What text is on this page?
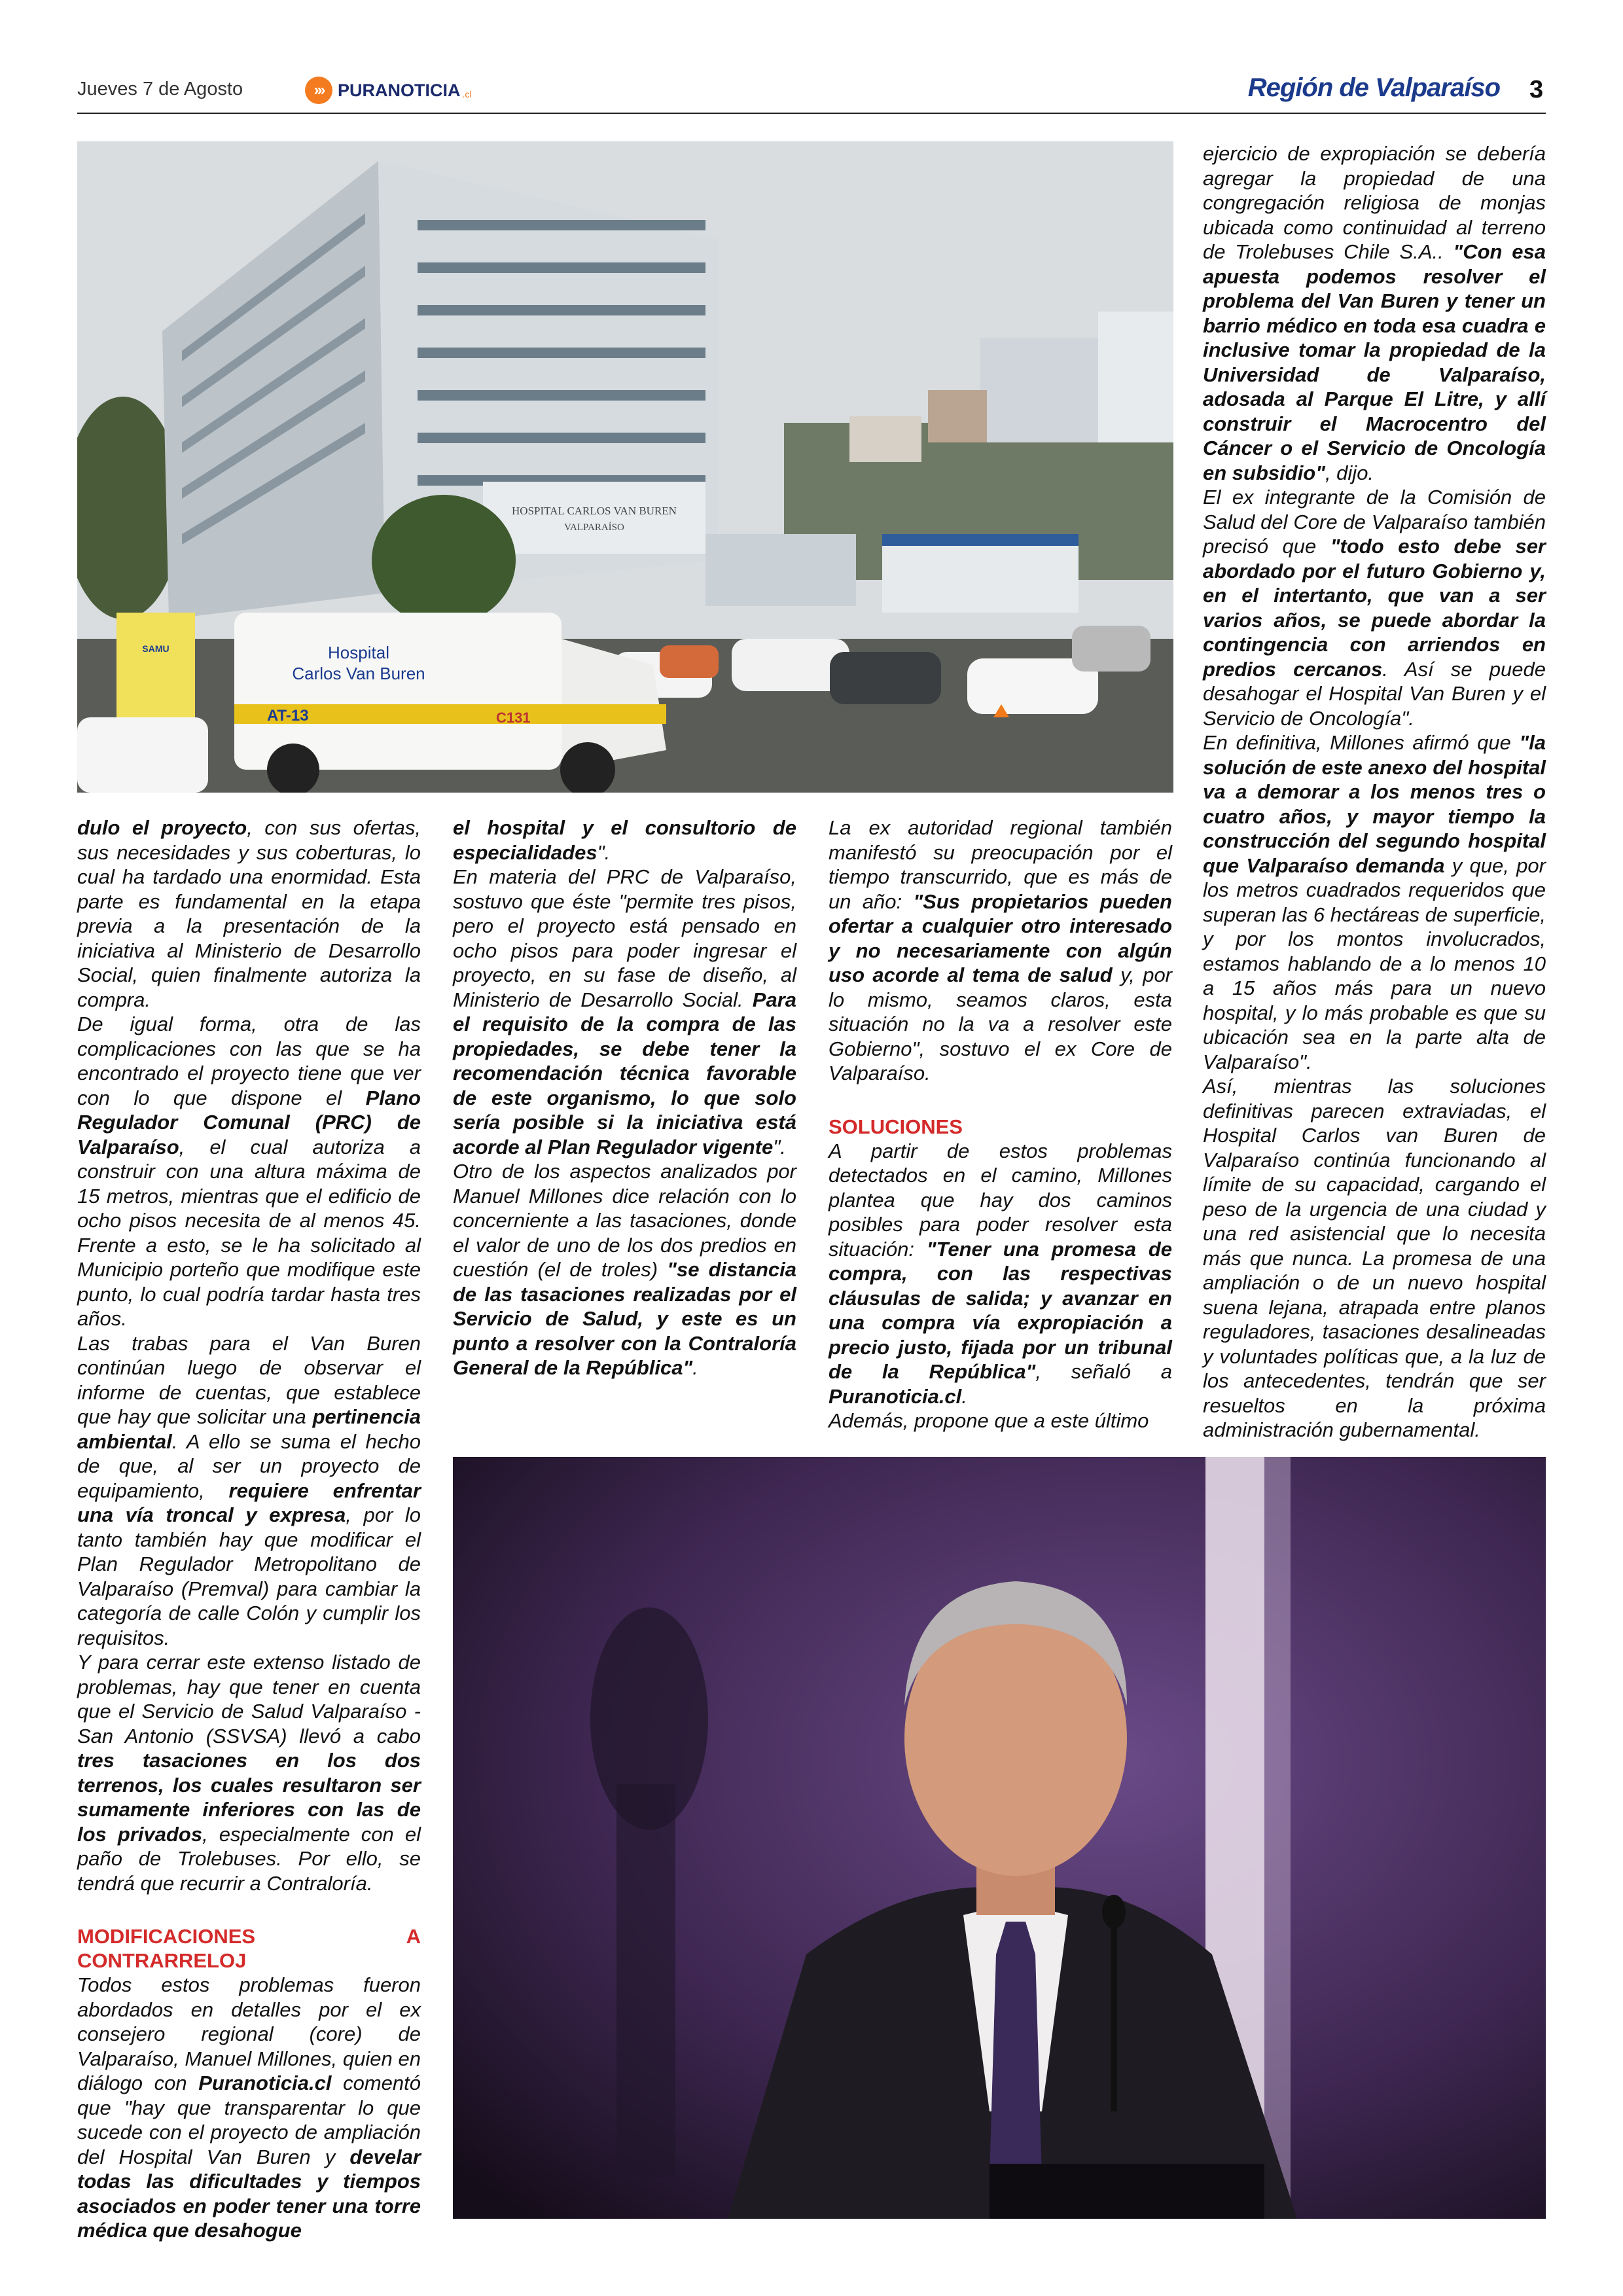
Jueves 7 de Agosto	››› PURANOTICIA .cl	Región de Valparaíso 3
HOSPITAL CARLOS VAN BUREN
VALPARAÍSO
SAMU	Hospital
Carlos Van Buren
AT-13	C131

dulo el proyecto, con sus ofertas, sus necesidades y sus coberturas, lo cual ha tardado una enormidad. Esta parte es fundamental en la etapa previa a la presentación de la iniciativa al Ministerio de Desarrollo Social, quien finalmente autoriza la compra.

De igual forma, otra de las complicaciones con las que se ha encontrado el proyecto tiene que ver con lo que dispone el Plano Regulador Comunal (PRC) de Valparaíso, el cual autoriza a construir con una altura máxima de 15 metros, mientras que el edificio de ocho pisos necesita de al menos 45. Frente a esto, se le ha solicitado al Municipio porteño que modifique este punto, lo cual podría tardar hasta tres años.

Las trabas para el Van Buren continúan luego de observar el informe de cuentas, que establece que hay que solicitar una pertinencia ambiental. A ello se suma el hecho de que, al ser un proyecto de equipamiento, requiere enfrentar una vía troncal y expresa, por lo tanto también hay que modificar el Plan Regulador Metropolitano de Valparaíso (Premval) para cambiar la categoría de calle Colón y cumplir los requisitos.

Y para cerrar este extenso listado de problemas, hay que tener en cuenta que el Servicio de Salud Valparaíso - San Antonio (SSVSA) llevó a cabo tres tasaciones en los dos terrenos, los cuales resultaron ser sumamente inferiores con las de los privados, especialmente con el paño de Trolebuses. Por ello, se tendrá que recurrir a Contraloría.

MODIFICACIONES A CONTRARRELOJ

Todos estos problemas fueron abordados en detalles por el ex consejero regional (core) de Valparaíso, Manuel Millones, quien en diálogo con Puranoticia.cl comentó que "hay que transparentar lo que sucede con el proyecto de ampliación del Hospital Van Buren y develar todas las dificultades y tiempos asociados en poder tener una torre médica que desahogue

el hospital y el consultorio de especialidades".

En materia del PRC de Valparaíso, sostuvo que éste "permite tres pisos, pero el proyecto está pensado en ocho pisos para poder ingresar el proyecto, en su fase de diseño, al Ministerio de Desarrollo Social. Para el requisito de la compra de las propiedades, se debe tener la recomendación técnica favorable de este organismo, lo que solo sería posible si la iniciativa está acorde al Plan Regulador vigente".

Otro de los aspectos analizados por Manuel Millones dice relación con lo concerniente a las tasaciones, donde el valor de uno de los dos predios en cuestión (el de troles) "se distancia de las tasaciones realizadas por el Servicio de Salud, y este es un punto a resolver con la Contraloría General de la República".

La ex autoridad regional también manifestó su preocupación por el tiempo transcurrido, que es más de un año: "Sus propietarios pueden ofertar a cualquier otro interesado y no necesariamente con algún uso acorde al tema de salud y, por lo mismo, seamos claros, esta situación no la va a resolver este Gobierno", sostuvo el ex Core de Valparaíso.

SOLUCIONES

A partir de estos problemas detectados en el camino, Millones plantea que hay dos caminos posibles para poder resolver esta situación: "Tener una promesa de compra, con las respectivas cláusulas de salida; y avanzar en una compra vía expropiación a precio justo, fijada por un tribunal de la República", señaló a Puranoticia.cl.

Además, propone que a este último

ejercicio de expropiación se debería agregar la propiedad de una congregación religiosa de monjas ubicada como continuidad al terreno de Trolebuses Chile S.A.. "Con esa apuesta podemos resolver el problema del Van Buren y tener un barrio médico en toda esa cuadra e inclusive tomar la propiedad de la Universidad de Valparaíso, adosada al Parque El Litre, y allí construir el Macrocentro del Cáncer o el Servicio de Oncología en subsidio", dijo.

El ex integrante de la Comisión de Salud del Core de Valparaíso también precisó que "todo esto debe ser abordado por el futuro Gobierno y, en el intertanto, que van a ser varios años, se puede abordar la contingencia con arriendos en predios cercanos. Así se puede desahogar el Hospital Van Buren y el Servicio de Oncología".

En definitiva, Millones afirmó que "la solución de este anexo del hospital va a demorar a los menos tres o cuatro años, y mayor tiempo la construcción del segundo hospital que Valparaíso demanda y que, por los metros cuadrados requeridos que superan las 6 hectáreas de superficie, y por los montos involucrados, estamos hablando de a lo menos 10 a 15 años más para un nuevo hospital, y lo más probable es que su ubicación sea en la parte alta de Valparaíso".

Así, mientras las soluciones definitivas parecen extraviadas, el Hospital Carlos van Buren de Valparaíso continúa funcionando al límite de su capacidad, cargando el peso de la urgencia de una ciudad y una red asistencial que lo necesita más que nunca. La promesa de una ampliación o de un nuevo hospital suena lejana, atrapada entre planos reguladores, tasaciones desalineadas y voluntades políticas que, a la luz de los antecedentes, tendrán que ser resueltos en la próxima administración gubernamental.
